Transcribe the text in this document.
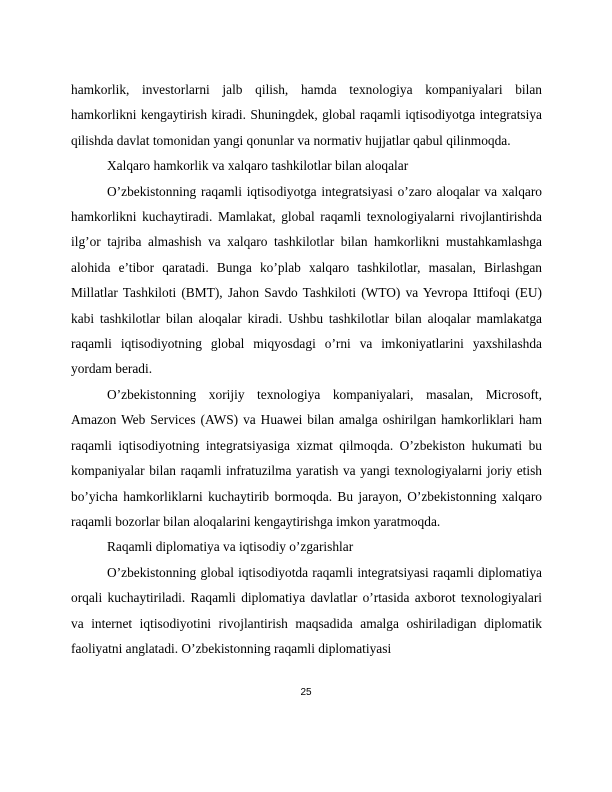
hamkorlik, investorlarni jalb qilish, hamda texnologiya kompaniyalari bilan hamkorlikni kengaytirish kiradi. Shuningdek, global raqamli iqtisodiyotga integratsiya qilishda davlat tomonidan yangi qonunlar va normativ hujjatlar qabul qilinmoqda.

Xalqaro hamkorlik va xalqaro tashkilotlar bilan aloqalar

O’zbekistonning raqamli iqtisodiyotga integratsiyasi o’zaro aloqalar va xalqaro hamkorlikni kuchaytiradi. Mamlakat, global raqamli texnologiyalarni rivojlantirishda ilg’or tajriba almashish va xalqaro tashkilotlar bilan hamkorlikni mustahkamlashga alohida e’tibor qaratadi. Bunga ko’plab xalqaro tashkilotlar, masalan, Birlashgan Millatlar Tashkiloti (BMT), Jahon Savdo Tashkiloti (WTO) va Yevropa Ittifoqi (EU) kabi tashkilotlar bilan aloqalar kiradi. Ushbu tashkilotlar bilan aloqalar mamlakatga raqamli iqtisodiyotning global miqyosdagi o’rni va imkoniyatlarini yaxshilashda yordam beradi.

O’zbekistonning xorijiy texnologiya kompaniyalari, masalan, Microsoft, Amazon Web Services (AWS) va Huawei bilan amalga oshirilgan hamkorliklari ham raqamli iqtisodiyotning integratsiyasiga xizmat qilmoqda. O’zbekiston hukumati bu kompaniyalar bilan raqamli infratuzilma yaratish va yangi texnologiyalarni joriy etish bo’yicha hamkorliklarni kuchaytirib bormoqda. Bu jarayon, O’zbekistonning xalqaro raqamli bozorlar bilan aloqalarini kengaytirishga imkon yaratmoqda.

Raqamli diplomatiya va iqtisodiy o’zgarishlar

O’zbekistonning global iqtisodiyotda raqamli integratsiyasi raqamli diplomatiya orqali kuchaytiriladi. Raqamli diplomatiya davlatlar o’rtasida axborot texnologiyalari va internet iqtisodiyotini rivojlantirish maqsadida amalga oshiriladigan diplomatik faoliyatni anglatadi. O’zbekistonning raqamli diplomatiyasi

25
